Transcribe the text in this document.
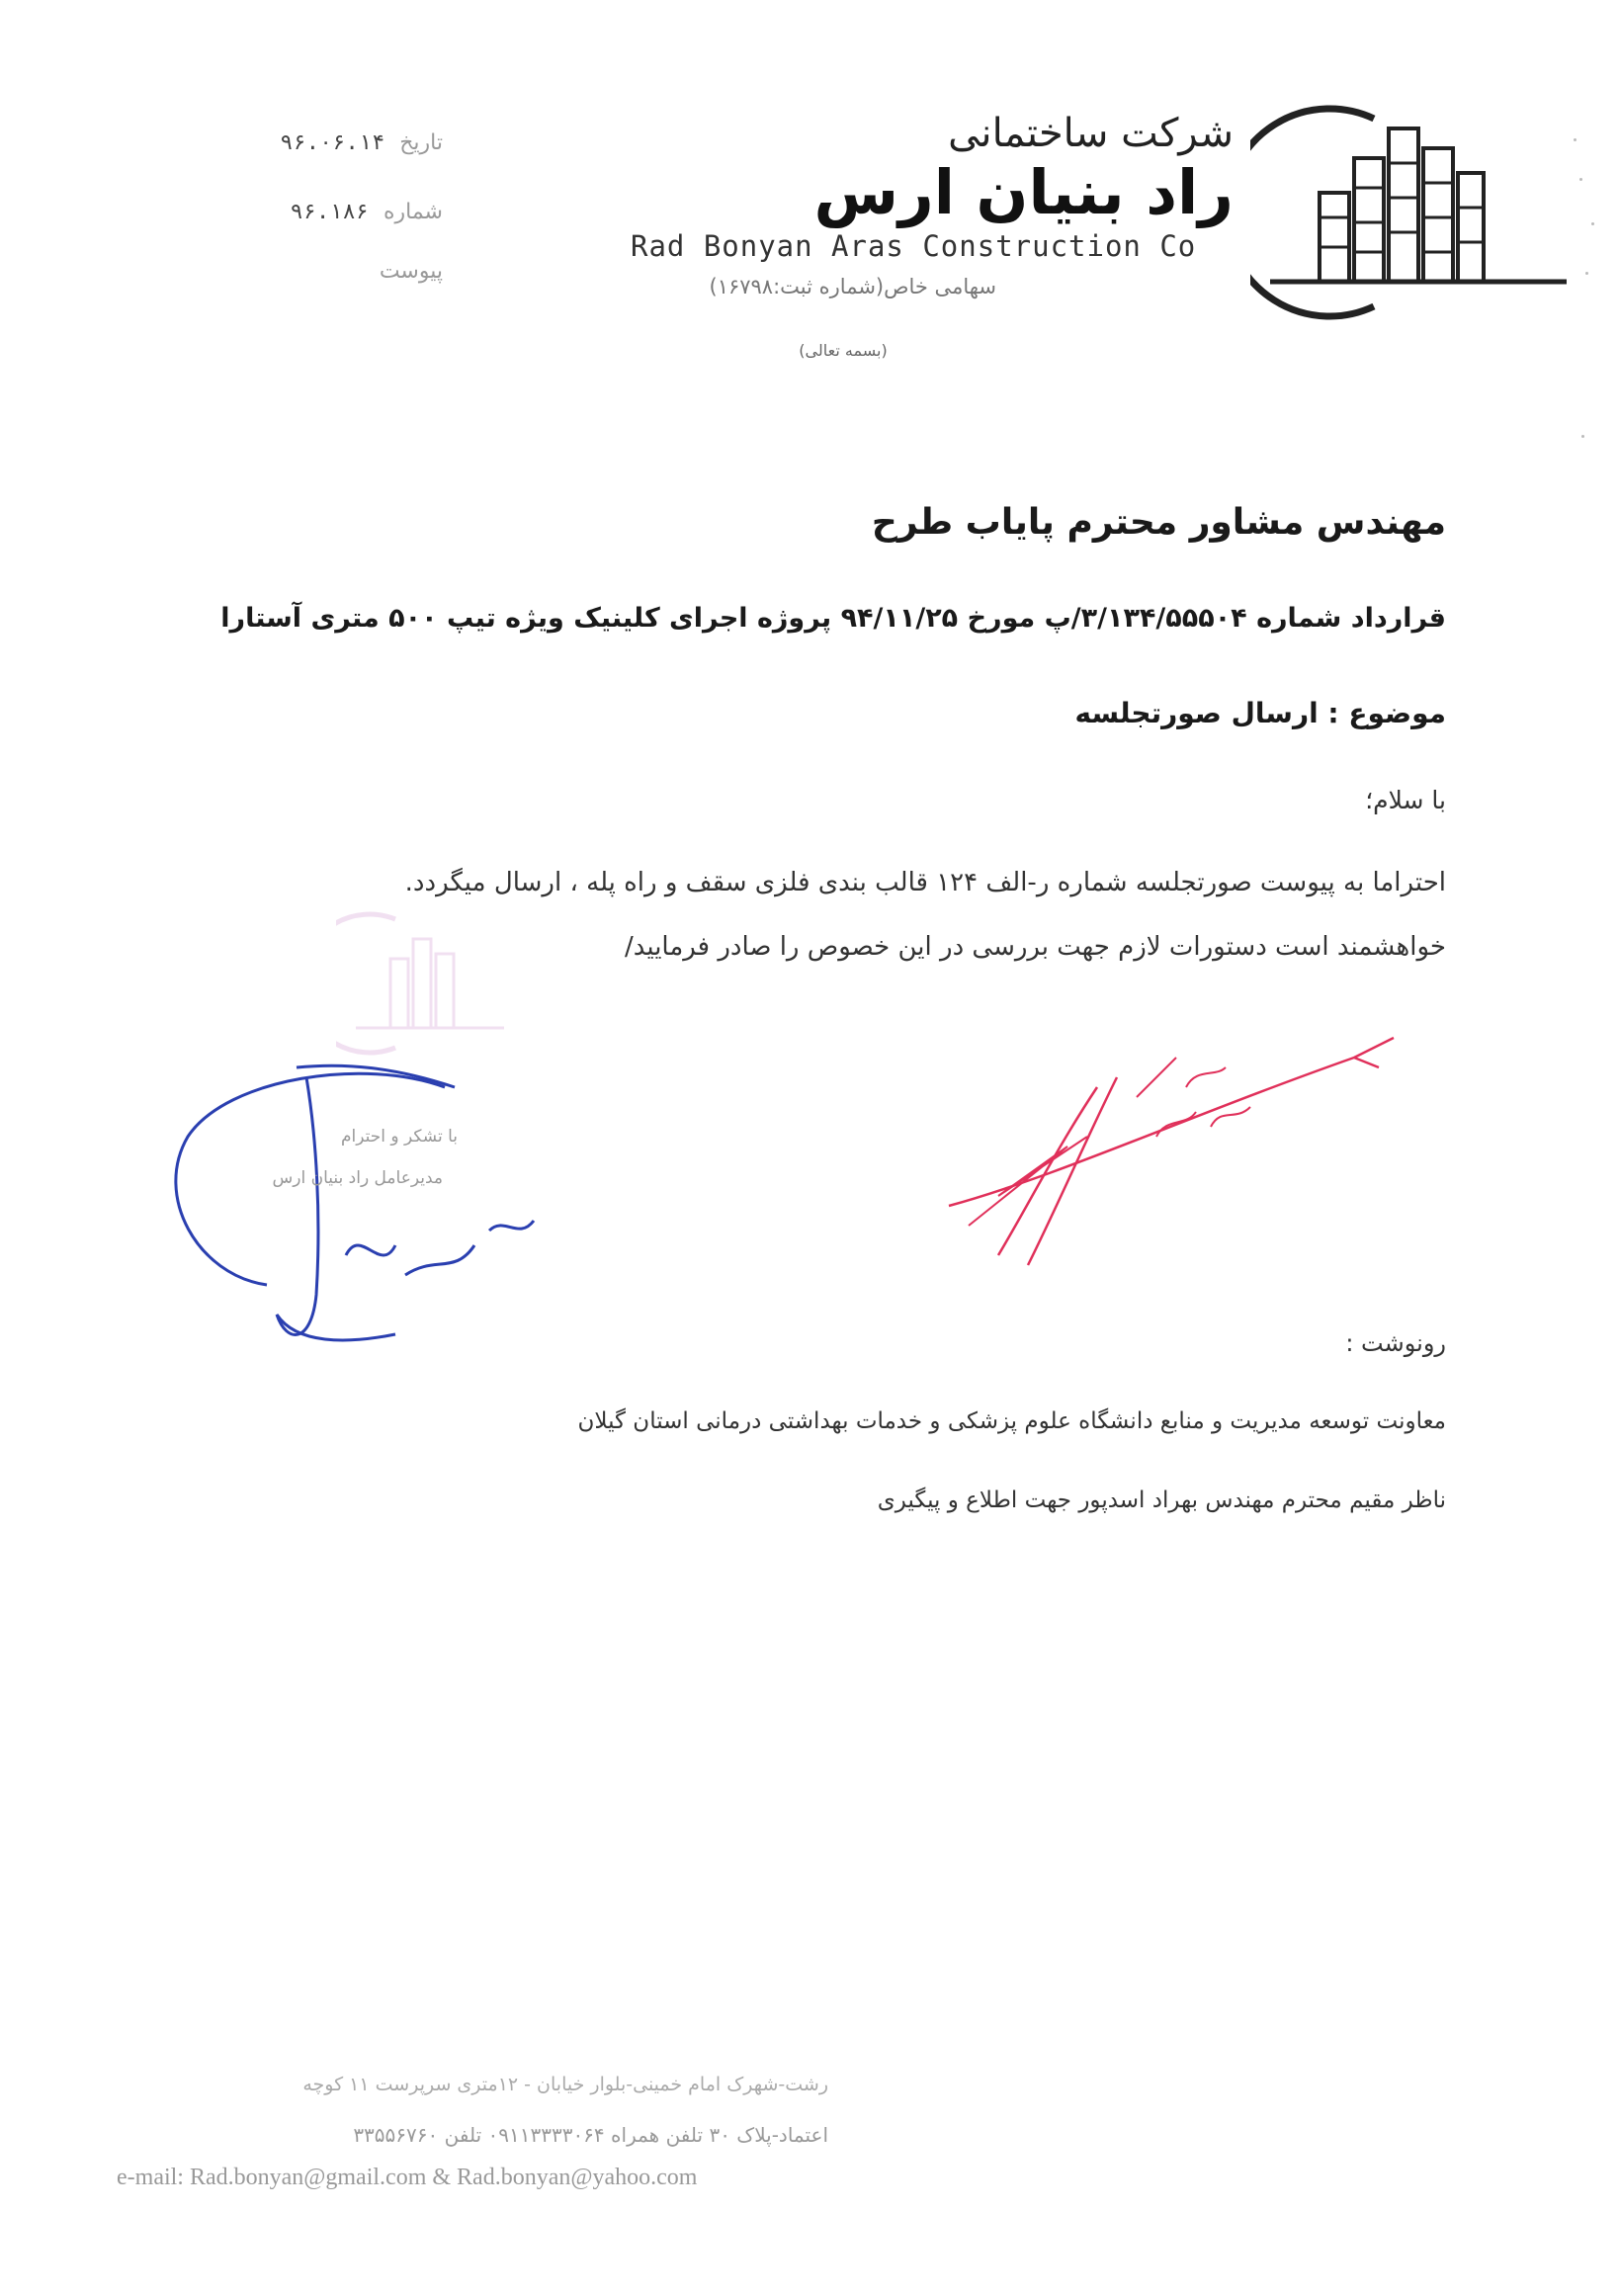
شرکت ساختمانی
راد بنیان ارس
Rad Bonyan Aras Construction Co
سهامی خاص(شماره ثبت:۱۶۷۹۸)
تاریخ ۹۶.۰۶.۱۴
شماره ۹۶.۱۸۶
پیوست
(بسمه تعالی)
مهندس مشاور محترم پایاب طرح
قرارداد شماره ۳/۱۳۴/۵۵۵۰۴/پ مورخ ۹۴/۱۱/۲۵ پروژه اجرای کلینیک ویژه تیپ ۵۰۰ متری آستارا
موضوع : ارسال صورتجلسه
با سلام؛
احتراما به پیوست صورتجلسه شماره ر-الف ۱۲۴ قالب بندی فلزی سقف و راه پله ، ارسال میگردد.
خواهشمند است دستورات لازم جهت بررسی در این خصوص را صادر فرمایید/
با تشکر و احترام
مدیرعامل راد بنیان ارس
رونوشت :
معاونت توسعه مدیریت و منابع دانشگاه علوم پزشکی و خدمات بهداشتی درمانی استان گیلان
ناظر مقیم محترم مهندس بهراد اسدپور جهت اطلاع و پیگیری
رشت-شهرک امام خمینی-بلوار خیابان - ۱۲متری سرپرست ۱۱ کوچه
اعتماد-پلاک ۳۰ تلفن همراه ۰۹۱۱۳۳۳۳۰۶۴ تلفن ۳۳۵۵۶۷۶۰
e-mail: Rad.bonyan@gmail.com & Rad.bonyan@yahoo.com
